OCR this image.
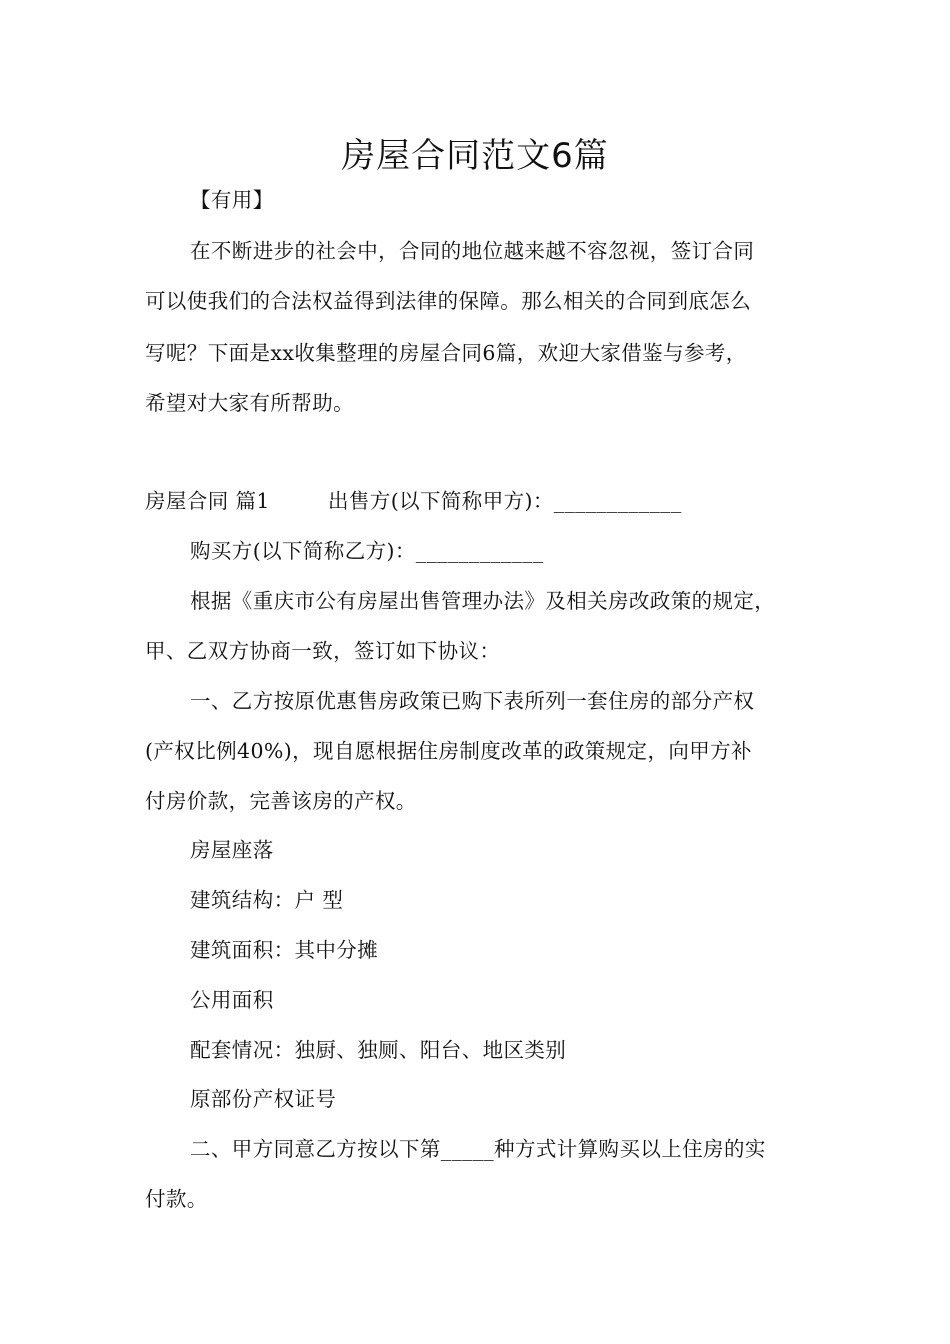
房屋合同范文6篇
【有用】
在不断进步的社会中，合同的地位越来越不容忽视，签订合同
可以使我们的合法权益得到法律的保障。那么相关的合同到底怎么
写呢？下面是xx收集整理的房屋合同6篇，欢迎大家借鉴与参考，
希望对大家有所帮助。
房屋合同 篇1	出售方(以下简称甲方)：____________
购买方(以下简称乙方)：____________
根据《重庆市公有房屋出售管理办法》及相关房改政策的规定，
甲、乙双方协商一致，签订如下协议：
一、乙方按原优惠售房政策已购下表所列一套住房的部分产权
(产权比例40%)，现自愿根据住房制度改革的政策规定，向甲方补
付房价款，完善该房的产权。
房屋座落
建筑结构：户 型
建筑面积：其中分摊
公用面积
配套情况：独厨、独厕、阳台、地区类别
原部份产权证号
二、甲方同意乙方按以下第_____种方式计算购买以上住房的实
付款。
